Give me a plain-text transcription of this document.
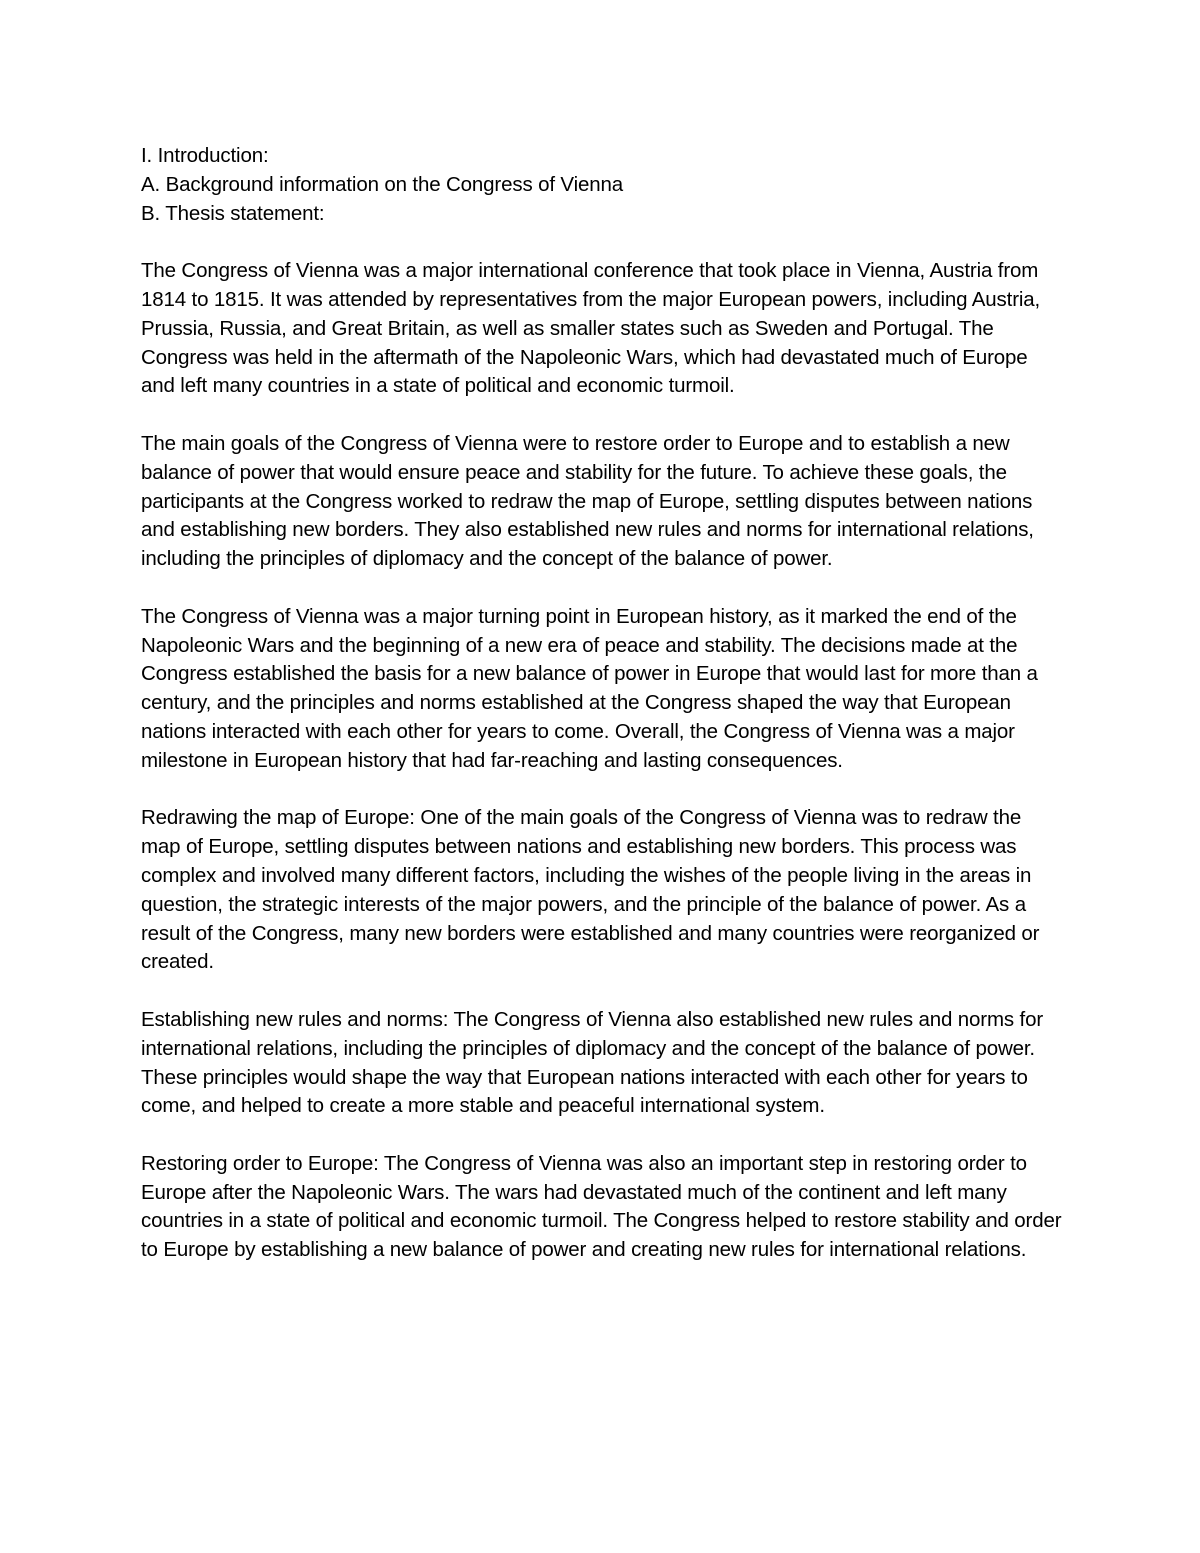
I. Introduction:

A. Background information on the Congress of Vienna

B. Thesis statement:

The Congress of Vienna was a major international conference that took place in Vienna, Austria from 1814 to 1815. It was attended by representatives from the major European powers, including Austria, Prussia, Russia, and Great Britain, as well as smaller states such as Sweden and Portugal. The Congress was held in the aftermath of the Napoleonic Wars, which had devastated much of Europe and left many countries in a state of political and economic turmoil.

The main goals of the Congress of Vienna were to restore order to Europe and to establish a new balance of power that would ensure peace and stability for the future. To achieve these goals, the participants at the Congress worked to redraw the map of Europe, settling disputes between nations and establishing new borders. They also established new rules and norms for international relations, including the principles of diplomacy and the concept of the balance of power.

The Congress of Vienna was a major turning point in European history, as it marked the end of the Napoleonic Wars and the beginning of a new era of peace and stability. The decisions made at the Congress established the basis for a new balance of power in Europe that would last for more than a century, and the principles and norms established at the Congress shaped the way that European nations interacted with each other for years to come. Overall, the Congress of Vienna was a major milestone in European history that had far-reaching and lasting consequences.

Redrawing the map of Europe: One of the main goals of the Congress of Vienna was to redraw the map of Europe, settling disputes between nations and establishing new borders. This process was complex and involved many different factors, including the wishes of the people living in the areas in question, the strategic interests of the major powers, and the principle of the balance of power. As a result of the Congress, many new borders were established and many countries were reorganized or created.

Establishing new rules and norms: The Congress of Vienna also established new rules and norms for international relations, including the principles of diplomacy and the concept of the balance of power. These principles would shape the way that European nations interacted with each other for years to come, and helped to create a more stable and peaceful international system.

Restoring order to Europe: The Congress of Vienna was also an important step in restoring order to Europe after the Napoleonic Wars. The wars had devastated much of the continent and left many countries in a state of political and economic turmoil. The Congress helped to restore stability and order to Europe by establishing a new balance of power and creating new rules for international relations.
